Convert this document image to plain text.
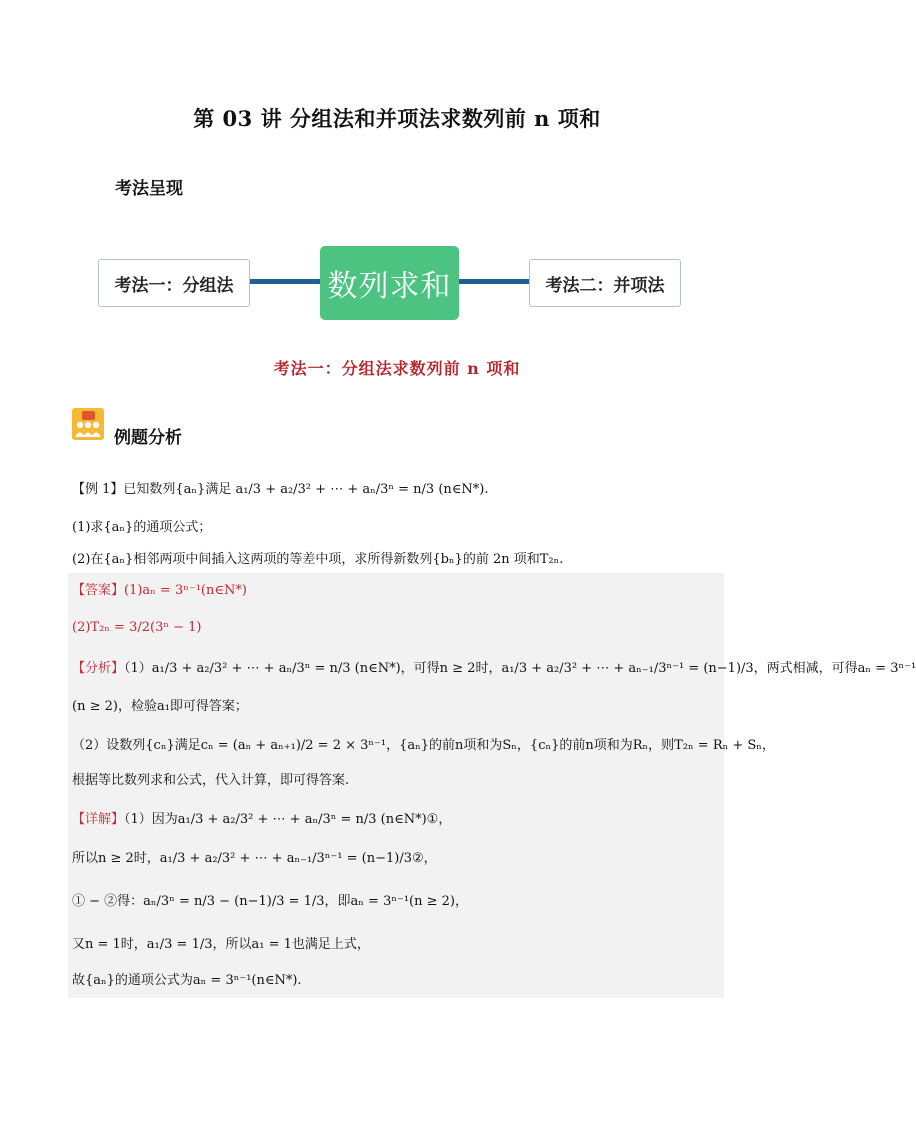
第 03 讲 分组法和并项法求数列前 n 项和
考法呈现
考法一：分组法	数列求和	考法二：并项法
考法一：分组法求数列前 n 项和
例题分析
【例 1】已知数列{aₙ}满足 a₁/3 + a₂/3² + ⋯ + aₙ/3ⁿ = n/3 (n∈N*).
(1)求{aₙ}的通项公式；
(2)在{aₙ}相邻两项中间插入这两项的等差中项，求所得新数列{bₙ}的前 2n 项和T₂ₙ.
【答案】(1)aₙ = 3ⁿ⁻¹(n∈N*)
(2)T₂ₙ = 3/2(3ⁿ − 1)
【分析】（1）a₁/3 + a₂/3² + ⋯ + aₙ/3ⁿ = n/3 (n∈N*)，可得n ≥ 2时，a₁/3 + a₂/3² + ⋯ + aₙ₋₁/3ⁿ⁻¹ = (n−1)/3，两式相减，可得aₙ = 3ⁿ⁻¹
(n ≥ 2)，检验a₁即可得答案；
（2）设数列{cₙ}满足cₙ = (aₙ + aₙ₊₁)/2 = 2 × 3ⁿ⁻¹，{aₙ}的前n项和为Sₙ，{cₙ}的前n项和为Rₙ，则T₂ₙ = Rₙ + Sₙ，
根据等比数列求和公式，代入计算，即可得答案.
【详解】（1）因为a₁/3 + a₂/3² + ⋯ + aₙ/3ⁿ = n/3 (n∈N*)①，
所以n ≥ 2时，a₁/3 + a₂/3² + ⋯ + aₙ₋₁/3ⁿ⁻¹ = (n−1)/3②，
① − ②得：aₙ/3ⁿ = n/3 − (n−1)/3 = 1/3，即aₙ = 3ⁿ⁻¹(n ≥ 2)，
又n = 1时，a₁/3 = 1/3，所以a₁ = 1也满足上式，
故{aₙ}的通项公式为aₙ = 3ⁿ⁻¹(n∈N*).
